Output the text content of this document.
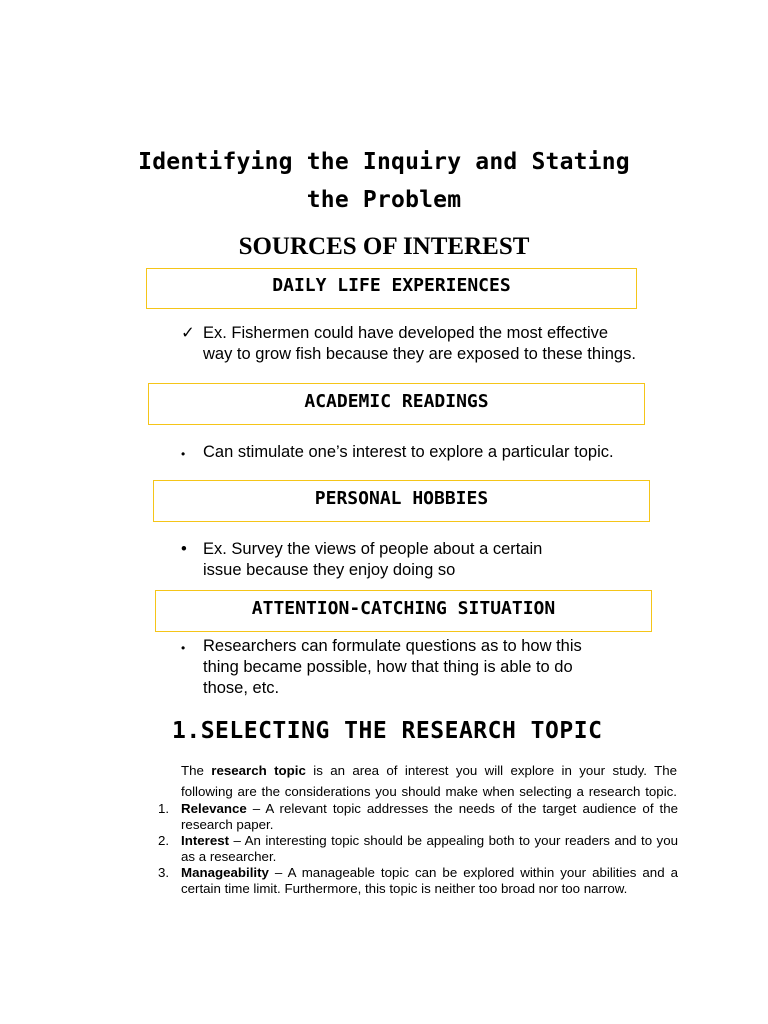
Identifying the Inquiry and Stating
the Problem
SOURCES OF INTEREST
DAILY LIFE EXPERIENCES
✓ Ex. Fishermen could have developed the most effective way to grow fish because they are exposed to these things.
ACADEMIC READINGS
•	Can stimulate one’s interest to explore a particular topic.
PERSONAL HOBBIES
• Ex. Survey the views of people about a certain issue because they enjoy doing so
ATTENTION-CATCHING SITUATION
•	Researchers can formulate questions as to how this thing became possible, how that thing is able to do those, etc.
1.SELECTING THE RESEARCH TOPIC
The research topic is an area of interest you will explore in your study. The following are the considerations you should make when selecting a research topic.
1. Relevance – A relevant topic addresses the needs of the target audience of the research paper.
2. Interest – An interesting topic should be appealing both to your readers and to you as a researcher.
3. Manageability – A manageable topic can be explored within your abilities and a certain time limit. Furthermore, this topic is neither too broad nor too narrow.
